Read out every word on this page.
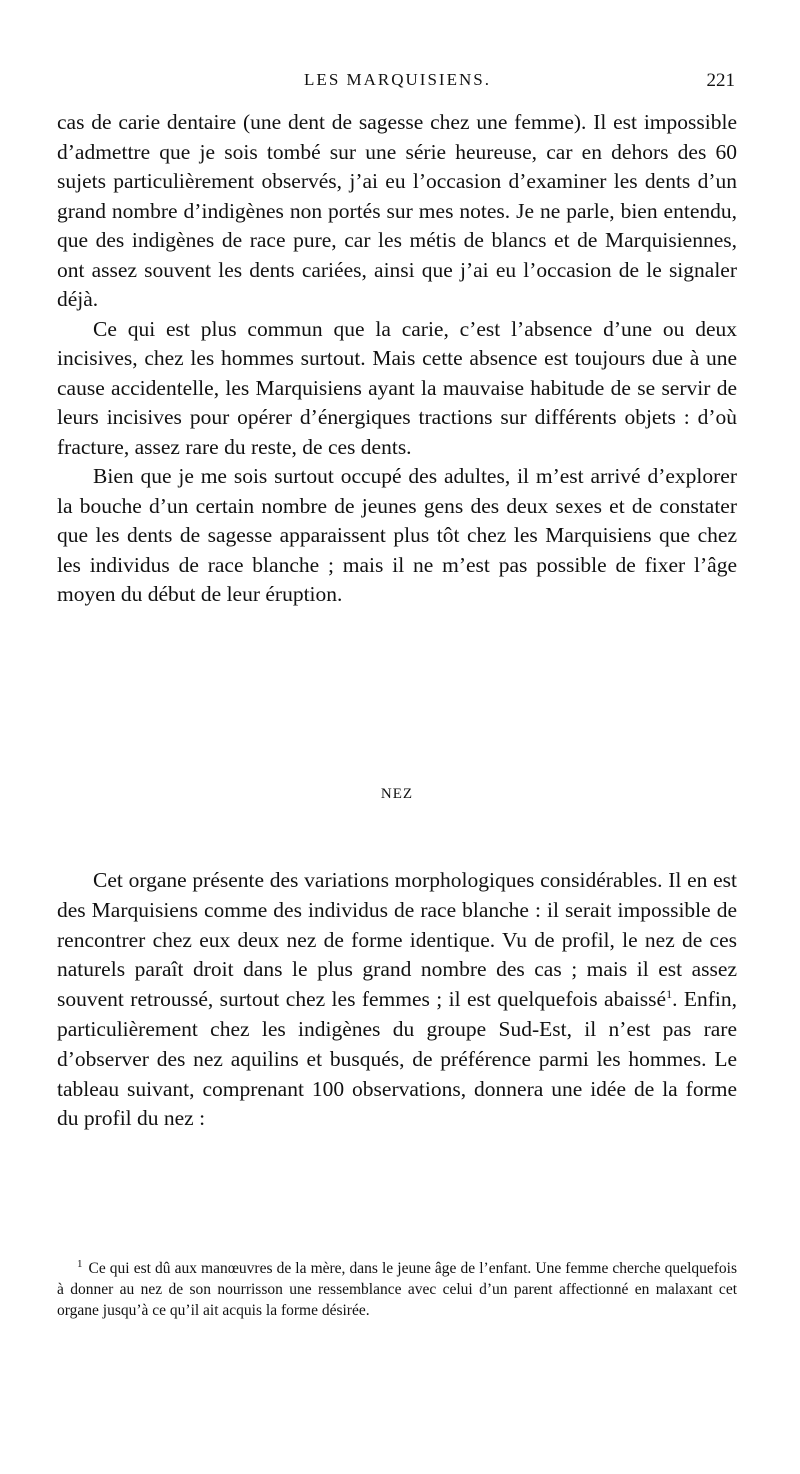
LES MARQUISIENS.	221

cas de carie dentaire (une dent de sagesse chez une femme). Il est impossible d’admettre que je sois tombé sur une série heureuse, car en dehors des 60 sujets particulièrement observés, j’ai eu l’occasion d’examiner les dents d’un grand nombre d’indigènes non portés sur mes notes. Je ne parle, bien entendu, que des indigènes de race pure, car les métis de blancs et de Marquisiennes, ont assez souvent les dents cariées, ainsi que j’ai eu l’occasion de le signaler déjà.

Ce qui est plus commun que la carie, c’est l’absence d’une ou deux incisives, chez les hommes surtout. Mais cette absence est toujours due à une cause accidentelle, les Marquisiens ayant la mauvaise habitude de se servir de leurs incisives pour opérer d’énergiques tractions sur différents objets : d’où fracture, assez rare du reste, de ces dents.

Bien que je me sois surtout occupé des adultes, il m’est arrivé d’explorer la bouche d’un certain nombre de jeunes gens des deux sexes et de constater que les dents de sagesse apparaissent plus tôt chez les Marquisiens que chez les individus de race blanche ; mais il ne m’est pas possible de fixer l’âge moyen du début de leur éruption.

NEZ

Cet organe présente des variations morphologiques considérables. Il en est des Marquisiens comme des individus de race blanche : il serait impossible de rencontrer chez eux deux nez de forme identique. Vu de profil, le nez de ces naturels paraît droit dans le plus grand nombre des cas ; mais il est assez souvent retroussé, surtout chez les femmes ; il est quelquefois abaissé$^1$. Enfin, particulièrement chez les indigènes du groupe Sud-Est, il n’est pas rare d’observer des nez aquilins et busqués, de préférence parmi les hommes. Le tableau suivant, comprenant 100 observations, donnera une idée de la forme du profil du nez :

$^1$ Ce qui est dû aux manœuvres de la mère, dans le jeune âge de l’enfant. Une femme cherche quelquefois à donner au nez de son nourrisson une ressemblance avec celui d’un parent affectionné en malaxant cet organe jusqu’à ce qu’il ait acquis la forme désirée.
